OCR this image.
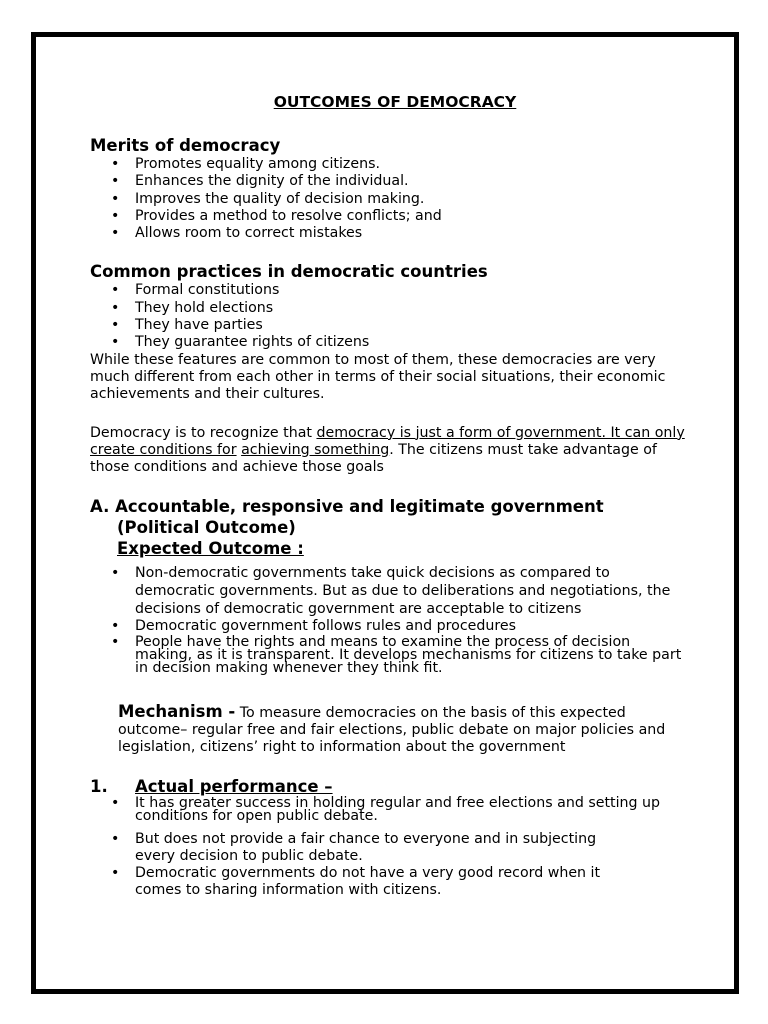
OUTCOMES OF DEMOCRACY
Merits of democracy
• Promotes equality among citizens.
• Enhances the dignity of the individual.
• Improves the quality of decision making.
• Provides a method to resolve conflicts; and
• Allows room to correct mistakes
Common practices in democratic countries
• Formal constitutions
• They hold elections
• They have parties
• They guarantee rights of citizens

While these features are common to most of them, these democracies are very much different from each other in terms of their social situations, their economic achievements and their cultures.

Democracy is to recognize that democracy is just a form of government. It can only create conditions for achieving something. The citizens must take advantage of those conditions and achieve those goals

A. Accountable, responsive and legitimate government
(Political Outcome)
Expected Outcome :
• Non-democratic governments take quick decisions as compared to democratic governments. But as due to deliberations and negotiations, the decisions of democratic government are acceptable to citizens
• Democratic government follows rules and procedures
• People have the rights and means to examine the process of decision making, as it is transparent. It develops mechanisms for citizens to take part in decision making whenever they think fit.
Mechanism - To measure democracies on the basis of this expected outcome– regular free and fair elections, public debate on major policies and legislation, citizens’ right to information about the government
1.	Actual performance –
• It has greater success in holding regular and free elections and setting up conditions for open public debate.
• But does not provide a fair chance to everyone and in subjecting every decision to public debate.
• Democratic governments do not have a very good record when it comes to sharing information with citizens.
